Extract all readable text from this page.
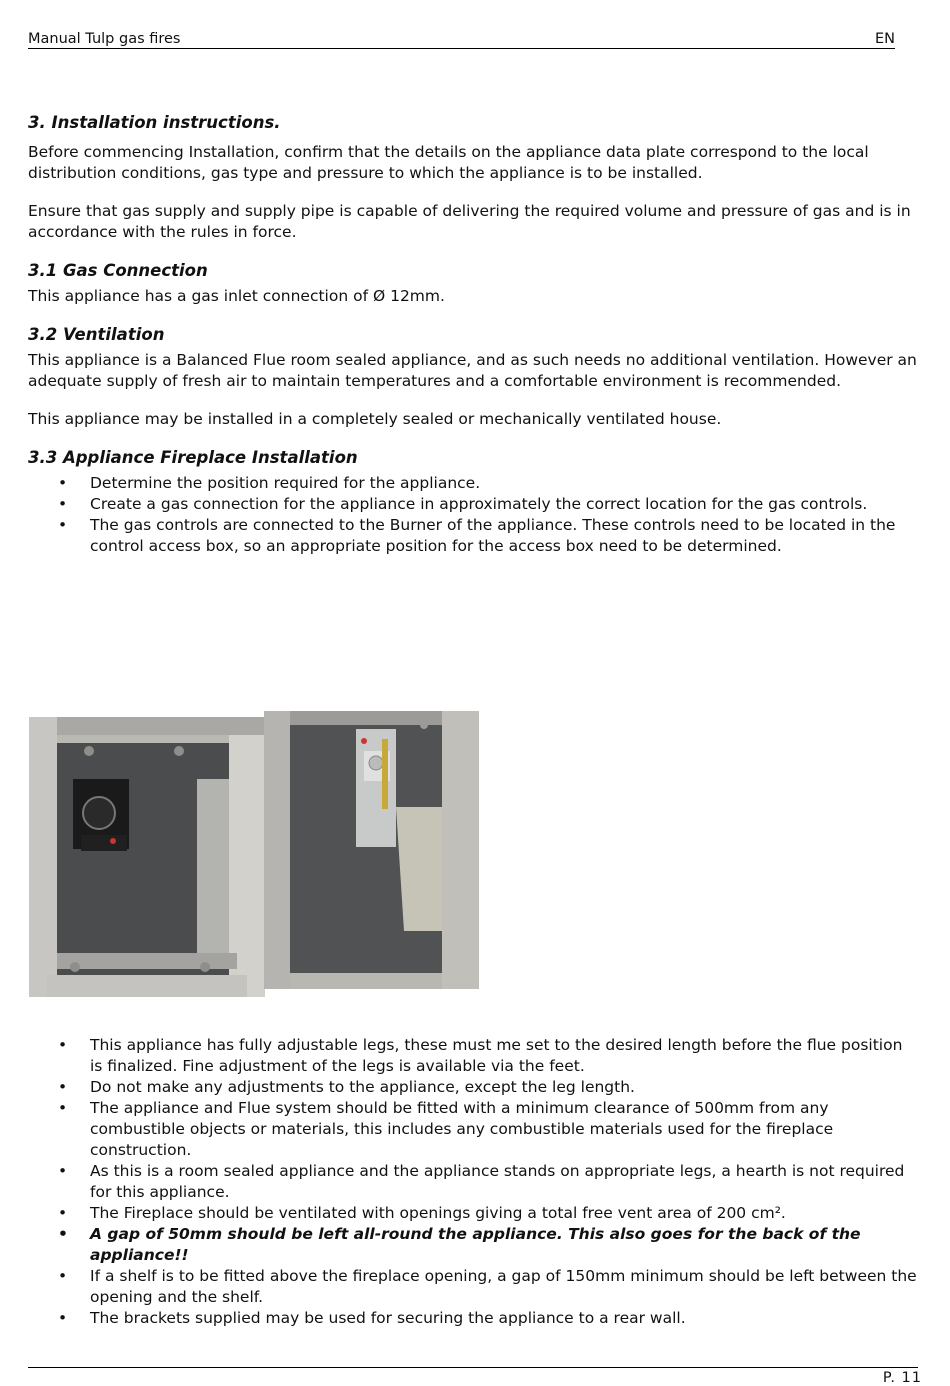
Manual Tulp gas fires	EN
3. Installation instructions.

Before commencing Installation, confirm that the details on the appliance data plate correspond to the local distribution conditions, gas type and pressure to which the appliance is to be installed.

Ensure that gas supply and supply pipe is capable of delivering the required volume and pressure of gas and is in accordance with the rules in force.

3.1 Gas Connection

This appliance has a gas inlet connection of Ø 12mm.

3.2 Ventilation

This appliance is a Balanced Flue room sealed appliance, and as such needs no additional ventilation. However an adequate supply of fresh air to maintain temperatures and a comfortable environment is recommended.

This appliance may be installed in a completely sealed or mechanically ventilated house.

3.3 Appliance Fireplace Installation
• Determine the position required for the appliance.
• Create a gas connection for the appliance in approximately the correct location for the gas controls.
• The gas controls are connected to the Burner of the appliance. These controls need to be located in the control access box, so an appropriate position for the access box need to be determined.
• This appliance has fully adjustable legs, these must me set to the desired length before the flue position is finalized. Fine adjustment of the legs is available via the feet.
• Do not make any adjustments to the appliance, except the leg length.
• The appliance and Flue system should be fitted with a minimum clearance of 500mm from any combustible objects or materials, this includes any combustible materials used for the fireplace construction.
• As this is a room sealed appliance and the appliance stands on appropriate legs, a hearth is not required for this appliance.
• The Fireplace should be ventilated with openings giving a total free vent area of 200 cm².
• A gap of 50mm should be left all-round the appliance. This also goes for the back of the appliance!!
• If a shelf is to be fitted above the fireplace opening, a gap of 150mm minimum should be left between the opening and the shelf.
• The brackets supplied may be used for securing the appliance to a rear wall.
P. 11
